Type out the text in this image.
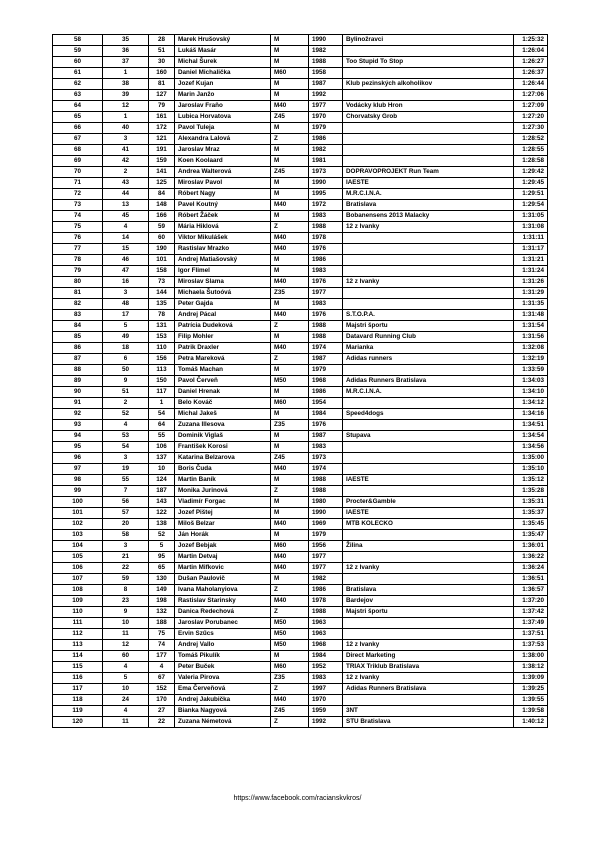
58	35	28	Marek Hrušovský	M	1990	Bylinožravci	1:25:32
59	36	51	Lukáš Masár	M	1982		1:26:04
60	37	30	Michal Šurek	M	1988	Too Stupid To Stop	1:26:27
61	1	160	Daniel Michalička	M60	1958		1:26:37
62	38	81	Jozef Kujan	M	1987	Klub pezinských alkoholikov	1:26:44
63	39	127	Marin Janžo	M	1992		1:27:06
64	12	79	Jaroslav Fraňo	M40	1977	Vodácky klub Hron	1:27:09
65	1	161	Lubica Horvatova	Z45	1970	Chorvatsky Grob	1:27:20
66	40	172	Pavol Tuleja	M	1979		1:27:30
67	3	121	Alexandra Lalová	Z	1986		1:28:52
68	41	191	Jaroslav Mraz	M	1982		1:28:55
69	42	159	Koen Koolaard	M	1981		1:28:58
70	2	141	Andrea Walterová	Z45	1973	DOPRAVOPROJEKT Run Team	1:29:42
71	43	125	Miroslav Pavol	M	1990	IAESTE	1:29:45
72	44	84	Róbert Nagy	M	1995	M.R.C.I.N.A.	1:29:51
73	13	148	Pavel Koutný	M40	1972	Bratislava	1:29:54
74	45	166	Róbert Žáček	M	1983	Bobanensens 2013 Malacky	1:31:05
75	4	59	Mária Hiklová	Z	1988	12 z Ivanky	1:31:08
76	14	60	Viktor Mikulášek	M40	1978		1:31:11
77	15	190	Rastislav Mrazko	M40	1976		1:31:17
78	46	101	Andrej Matiašovský	M	1986		1:31:21
79	47	158	Igor Flimel	M	1983		1:31:24
80	16	73	Miroslav Slama	M40	1976	12 z Ivanky	1:31:26
81	3	144	Michaela Šutoóvá	Z35	1977		1:31:29
82	48	135	Peter Gajda	M	1983		1:31:35
83	17	78	Andrej Pácal	M40	1976	S.T.O.P.A.	1:31:48
84	5	131	Patrícia Dudeková	Z	1988	Majstri športu	1:31:54
85	49	153	Filip Mohler	M	1988	Datavard Running Club	1:31:56
86	18	110	Patrik Draxler	M40	1974	Marianka	1:32:08
87	6	156	Petra Mareková	Z	1987	Adidas runners	1:32:19
88	50	113	Tomáš Machan	M	1979		1:33:59
89	9	150	Pavol Červeň	M50	1968	Adidas Runners Bratislava	1:34:03
90	51	117	Daniel Hrenak	M	1986	M.R.C.I.N.A.	1:34:10
91	2	1	Belo Kováč	M60	1954		1:34:12
92	52	54	Michal Jakeš	M	1984	Speed4dogs	1:34:16
93	4	64	Zuzana Illesova	Z35	1976		1:34:51
94	53	55	Dominik Viglaš	M	1987	Stupava	1:34:54
95	54	106	František Korosi	M	1983		1:34:56
96	3	137	Katarina Belzarova	Z45	1973		1:35:00
97	19	10	Boris Čuda	M40	1974		1:35:10
98	55	124	Martin Baník	M	1988	IAESTE	1:35:12
99	7	187	Monika Jurinová	Z	1988		1:35:28
100	56	143	Vladimír Forgac	M	1980	Procter&Gamble	1:35:31
101	57	122	Jozef Pištej	M	1990	IAESTE	1:35:37
102	20	138	Miloš Belzar	M40	1969	MTB KOLECKO	1:35:45
103	58	52	Ján Horák	M	1979		1:35:47
104	3	5	Jozef Bebjak	M60	1956	Žilina	1:36:01
105	21	95	Martin Detvaj	M40	1977		1:36:22
106	22	65	Martin Mifkovic	M40	1977	12 z Ivanky	1:36:24
107	59	130	Dušan Paulovič	M	1982		1:36:51
108	8	149	Ivana Maholanyiova	Z	1986	Bratislava	1:36:57
109	23	198	Rastislav Starinsky	M40	1978	Bardejov	1:37:20
110	9	132	Danica Redechová	Z	1988	Majstri športu	1:37:42
111	10	188	Jaroslav Porubanec	M50	1963		1:37:49
112	11	75	Ervin Szűcs	M50	1963		1:37:51
113	12	74	Andrej Vallo	M50	1968	12 z Ivanky	1:37:53
114	60	177	Tomáš Pikulík	M	1984	Direct Marketing	1:38:00
115	4	4	Peter Buček	M60	1952	TRIAX Triklub Bratislava	1:38:12
116	5	67	Valeria Pirova	Z35	1983	12 z Ivanky	1:39:09
117	10	152	Ema Červeňová	Z	1997	Adidas Runners Bratislava	1:39:25
118	24	170	Andrej Jakubička	M40	1970		1:39:55
119	4	27	Bianka Nagyová	Z45	1959	3NT	1:39:58
120	11	22	Zuzana Németová	Z	1992	STU Bratislava	1:40:12
https://www.facebook.com/racianskvkros/
